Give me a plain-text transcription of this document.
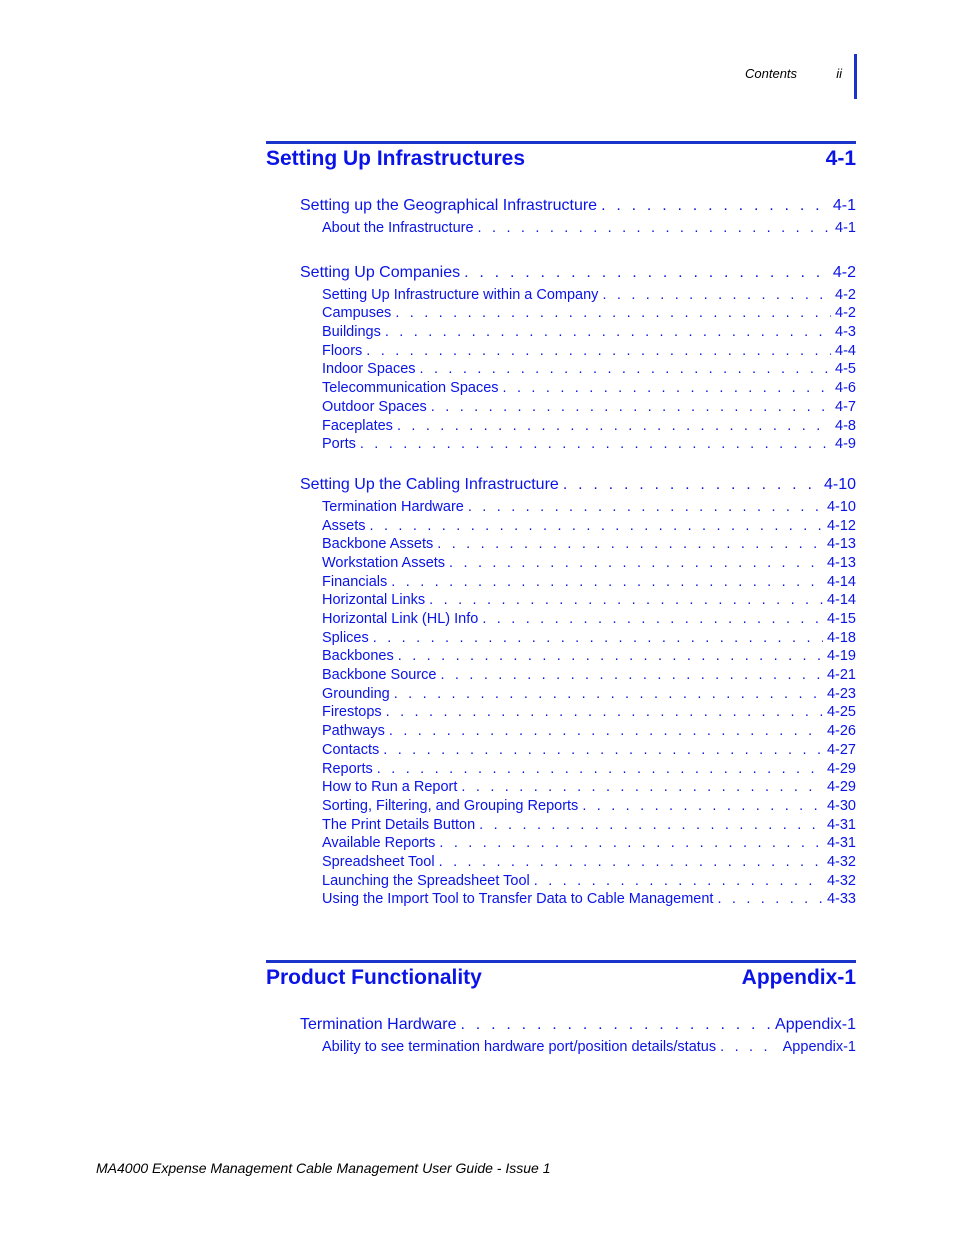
Contents	ii
Setting Up Infrastructures	4-1
Setting up the Geographical Infrastructure . . .	4-1
About the Infrastructure . . .	4-1
Setting Up Companies . . .	4-2
Setting Up Infrastructure within a Company . . .	4-2
Campuses . . .	4-2
Buildings . . .	4-3
Floors . . .	4-4
Indoor Spaces . . .	4-5
Telecommunication Spaces . . .	4-6
Outdoor Spaces . . .	4-7
Faceplates . . .	4-8
Ports . . .	4-9
Setting Up the Cabling Infrastructure . . .	4-10
Termination Hardware . . .	4-10
Assets . . .	4-12
Backbone Assets . . .	4-13
Workstation Assets . . .	4-13
Financials . . .	4-14
Horizontal Links . . .	4-14
Horizontal Link (HL) Info . . .	4-15
Splices . . .	4-18
Backbones . . .	4-19
Backbone Source . . .	4-21
Grounding . . .	4-23
Firestops . . .	4-25
Pathways . . .	4-26
Contacts . . .	4-27
Reports . . .	4-29
How to Run a Report . . .	4-29
Sorting, Filtering, and Grouping Reports . . .	4-30
The Print Details Button . . .	4-31
Available Reports . . .	4-31
Spreadsheet Tool . . .	4-32
Launching the Spreadsheet Tool . . .	4-32
Using the Import Tool to Transfer Data to Cable Management . . .	4-33
Product Functionality	Appendix-1
Termination Hardware . . .	Appendix-1
Ability to see termination hardware port/position details/status . . .	Appendix-1
MA4000 Expense Management Cable Management User Guide - Issue 1
